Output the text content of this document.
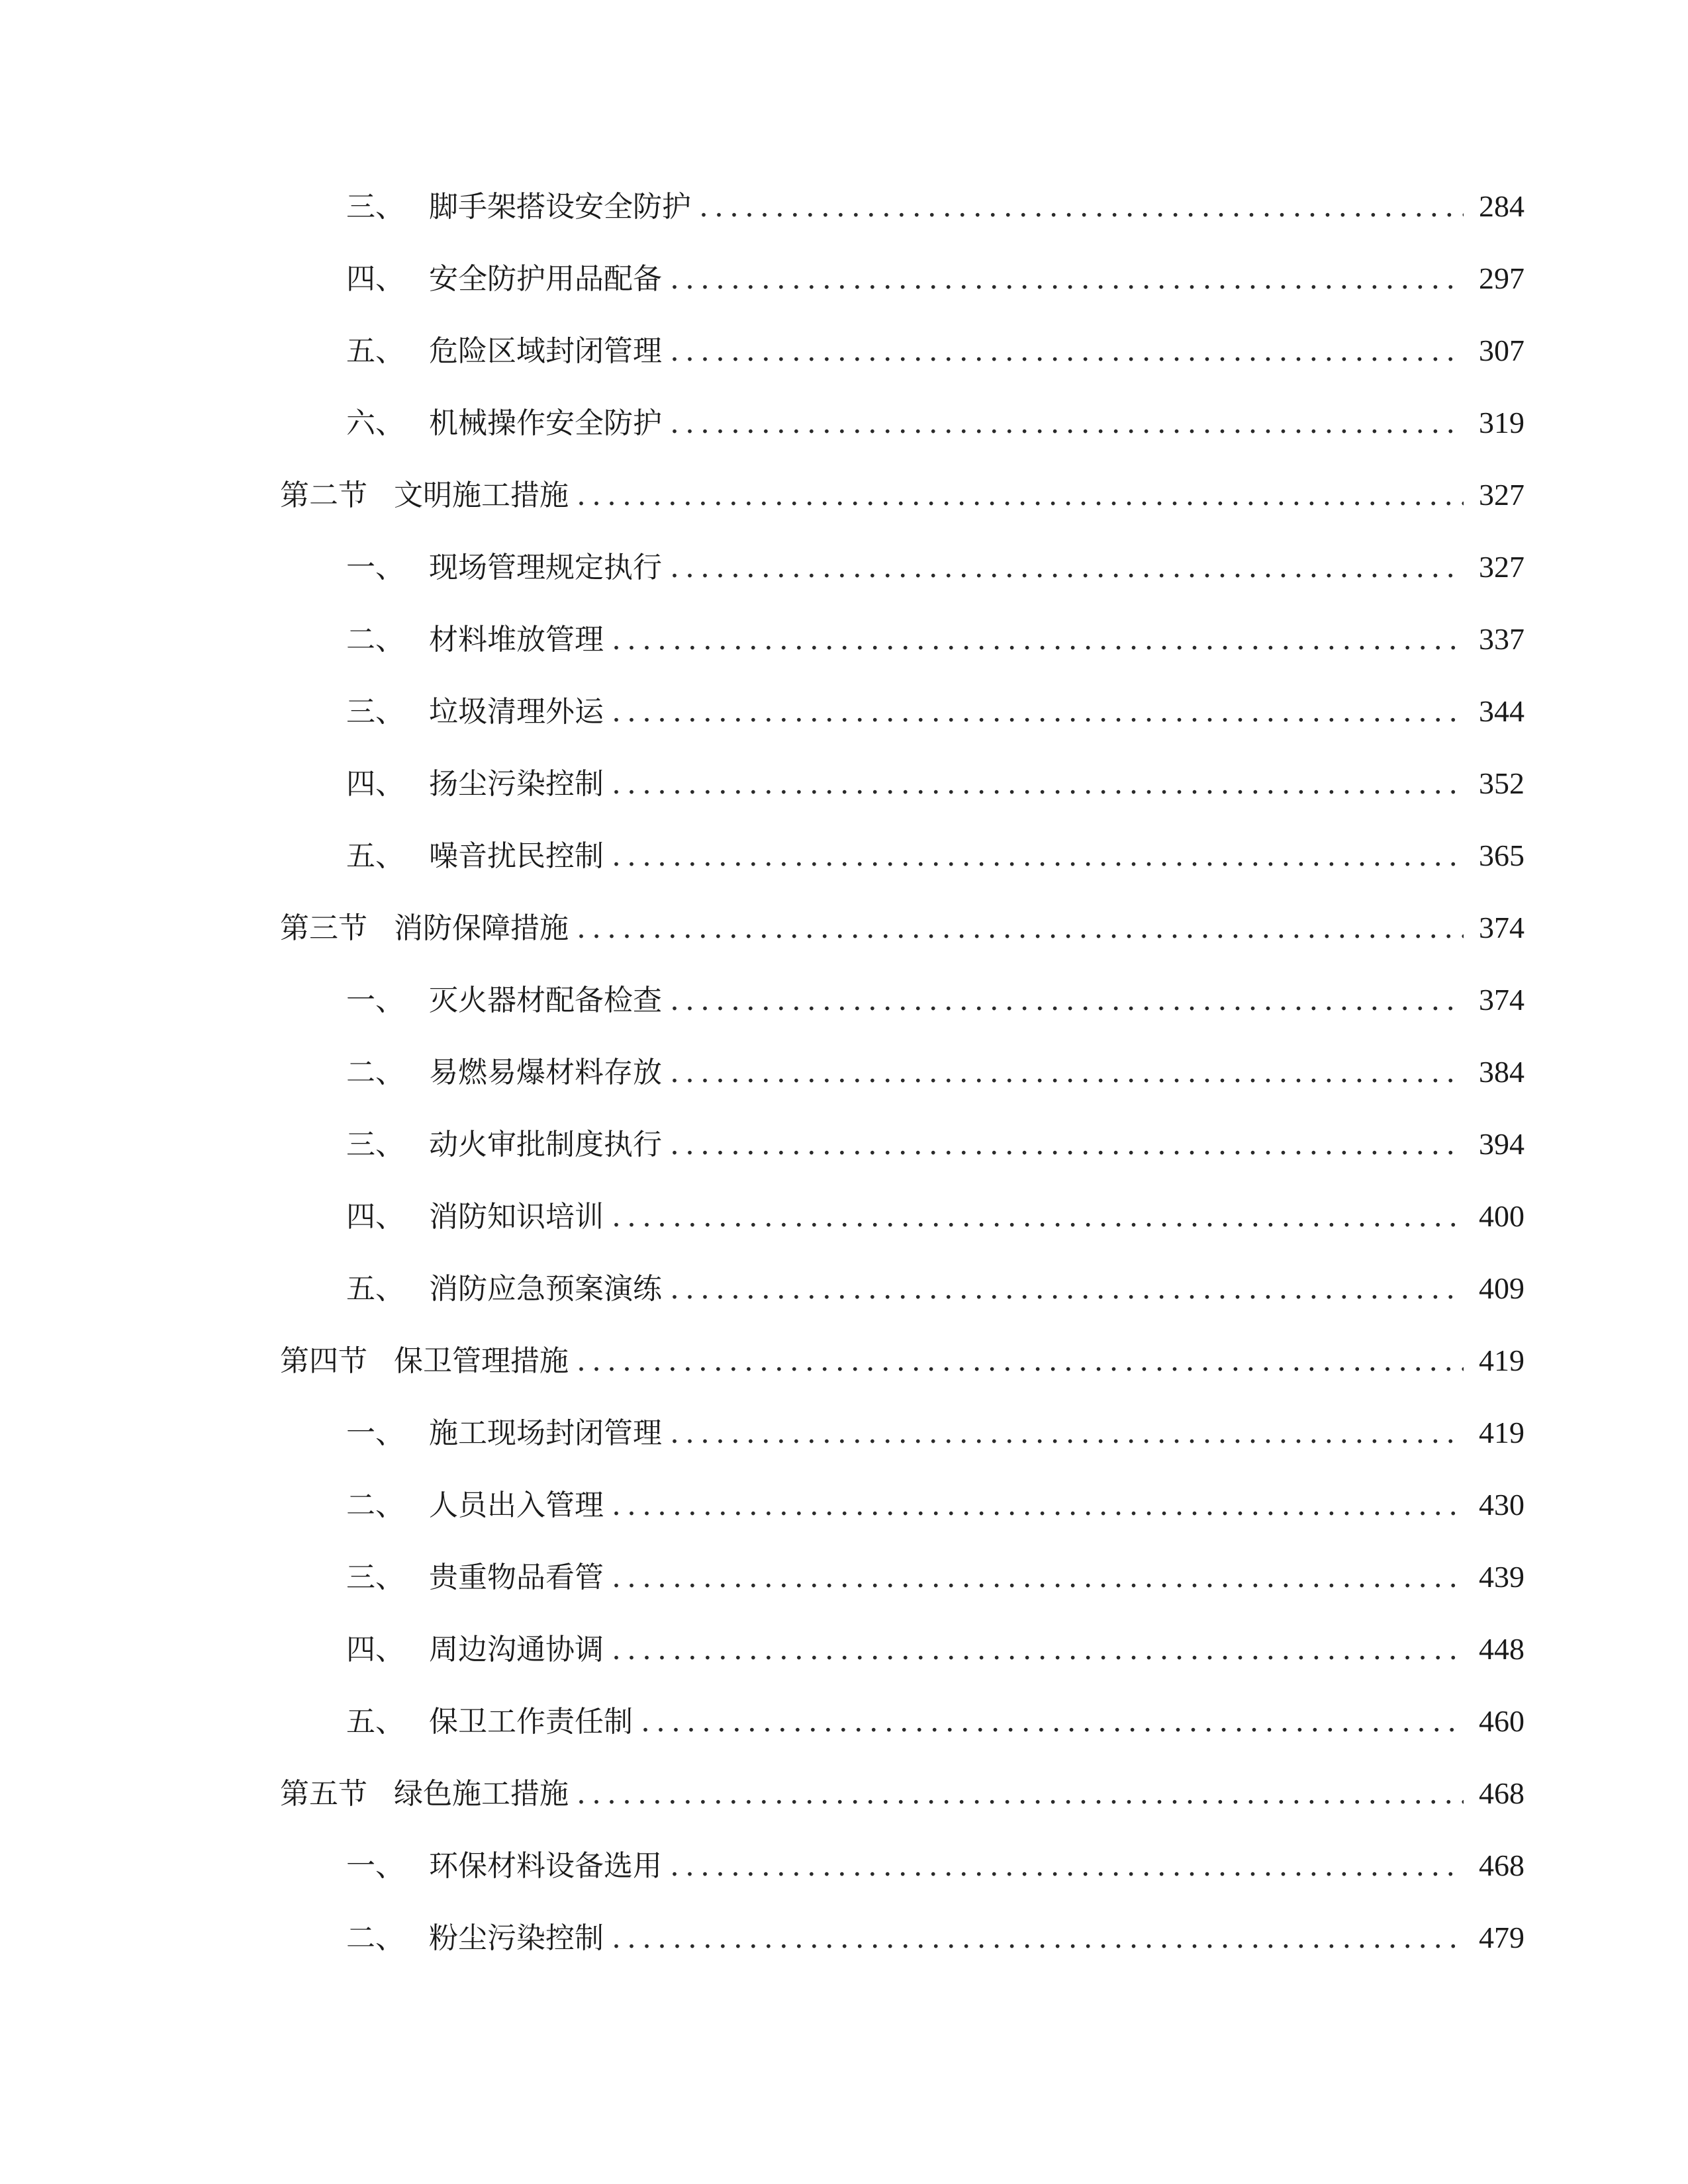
三、 脚手架搭设安全防护 .....	284
四、 安全防护用品配备 .....	297
五、 危险区域封闭管理 .....	307
六、 机械操作安全防护 .....	319
第二节 文明施工措施 .....	327
一、 现场管理规定执行 .....	327
二、 材料堆放管理 .....	337
三、 垃圾清理外运 .....	344
四、 扬尘污染控制 .....	352
五、 噪音扰民控制 .....	365
第三节 消防保障措施 .....	374
一、 灭火器材配备检查 .....	374
二、 易燃易爆材料存放 .....	384
三、 动火审批制度执行 .....	394
四、 消防知识培训 .....	400
五、 消防应急预案演练 .....	409
第四节 保卫管理措施 .....	419
一、 施工现场封闭管理 .....	419
二、 人员出入管理 .....	430
三、 贵重物品看管 .....	439
四、 周边沟通协调 .....	448
五、 保卫工作责任制 .....	460
第五节 绿色施工措施 .....	468
一、 环保材料设备选用 .....	468
二、 粉尘污染控制 .....	479
